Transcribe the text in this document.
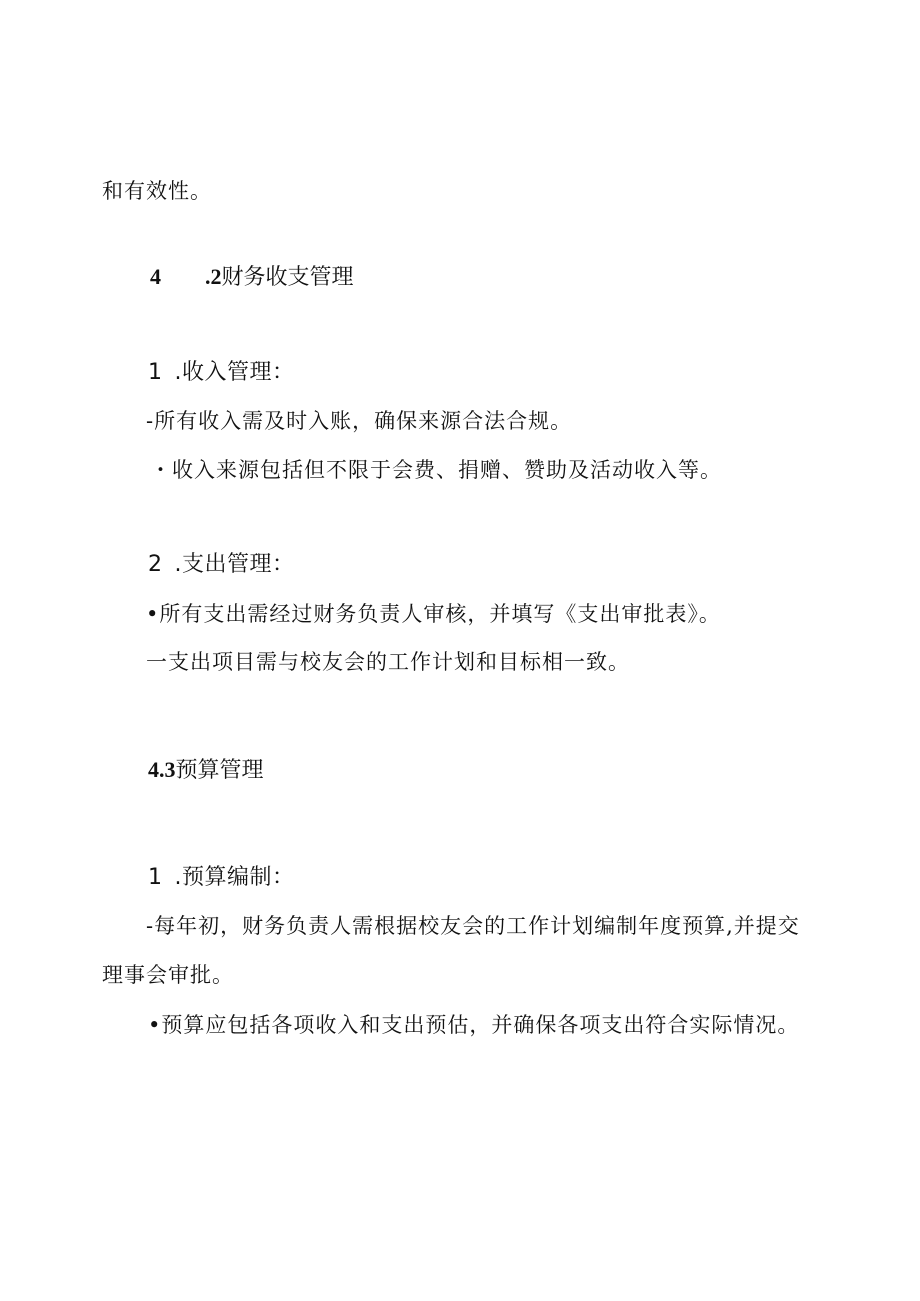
和有效性。
4 .2财务收支管理
1 .收入管理：
-所有收入需及时入账，确保来源合法合规。
・收入来源包括但不限于会费、捐赠、赞助及活动收入等。
2 .支出管理：
•所有支出需经过财务负责人审核，并填写《支出审批表》。
一支出项目需与校友会的工作计划和目标相一致。
4.3预算管理
1 .预算编制：
-每年初，财务负责人需根据校友会的工作计划编制年度预算,并提交
理事会审批。
•预算应包括各项收入和支出预估，并确保各项支出符合实际情况。
